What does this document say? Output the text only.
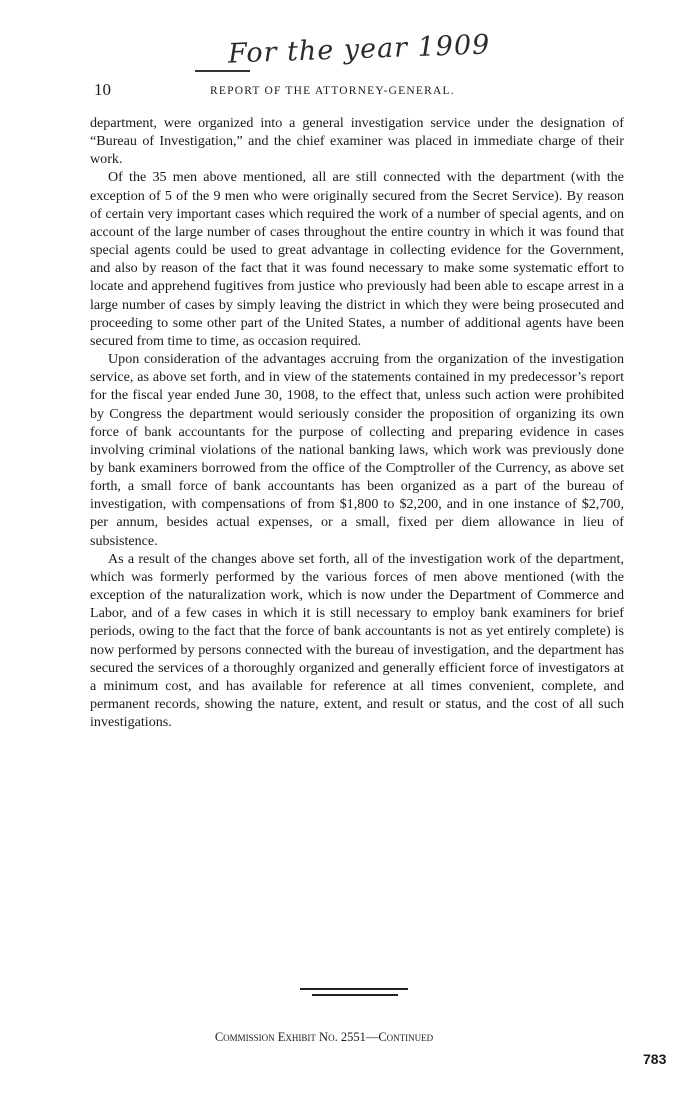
For the year 1909
10	REPORT OF THE ATTORNEY-GENERAL.

department, were organized into a general investigation service under the designation of “Bureau of Investigation,” and the chief examiner was placed in immediate charge of their work.

Of the 35 men above mentioned, all are still connected with the department (with the exception of 5 of the 9 men who were originally secured from the Secret Service). By reason of certain very important cases which required the work of a number of special agents, and on account of the large number of cases throughout the entire country in which it was found that special agents could be used to great advantage in collecting evidence for the Government, and also by reason of the fact that it was found necessary to make some systematic effort to locate and apprehend fugitives from justice who previously had been able to escape arrest in a large number of cases by simply leaving the district in which they were being prosecuted and proceeding to some other part of the United States, a number of additional agents have been secured from time to time, as occasion required.

Upon consideration of the advantages accruing from the organization of the investigation service, as above set forth, and in view of the statements contained in my predecessor’s report for the fiscal year ended June 30, 1908, to the effect that, unless such action were prohibited by Congress the department would seriously consider the proposition of organizing its own force of bank accountants for the purpose of collecting and preparing evidence in cases involving criminal violations of the national banking laws, which work was previously done by bank examiners borrowed from the office of the Comptroller of the Currency, as above set forth, a small force of bank accountants has been organized as a part of the bureau of investigation, with compensations of from $1,800 to $2,200, and in one instance of $2,700, per annum, besides actual expenses, or a small, fixed per diem allowance in lieu of subsistence.

As a result of the changes above set forth, all of the investigation work of the department, which was formerly performed by the various forces of men above mentioned (with the exception of the naturalization work, which is now under the Department of Commerce and Labor, and of a few cases in which it is still necessary to employ bank examiners for brief periods, owing to the fact that the force of bank accountants is not as yet entirely complete) is now performed by persons connected with the bureau of investigation, and the department has secured the services of a thoroughly organized and generally efficient force of investigators at a minimum cost, and has available for reference at all times convenient, complete, and permanent records, showing the nature, extent, and result or status, and the cost of all such investigations.

Commission Exhibit No. 2551—Continued
783
